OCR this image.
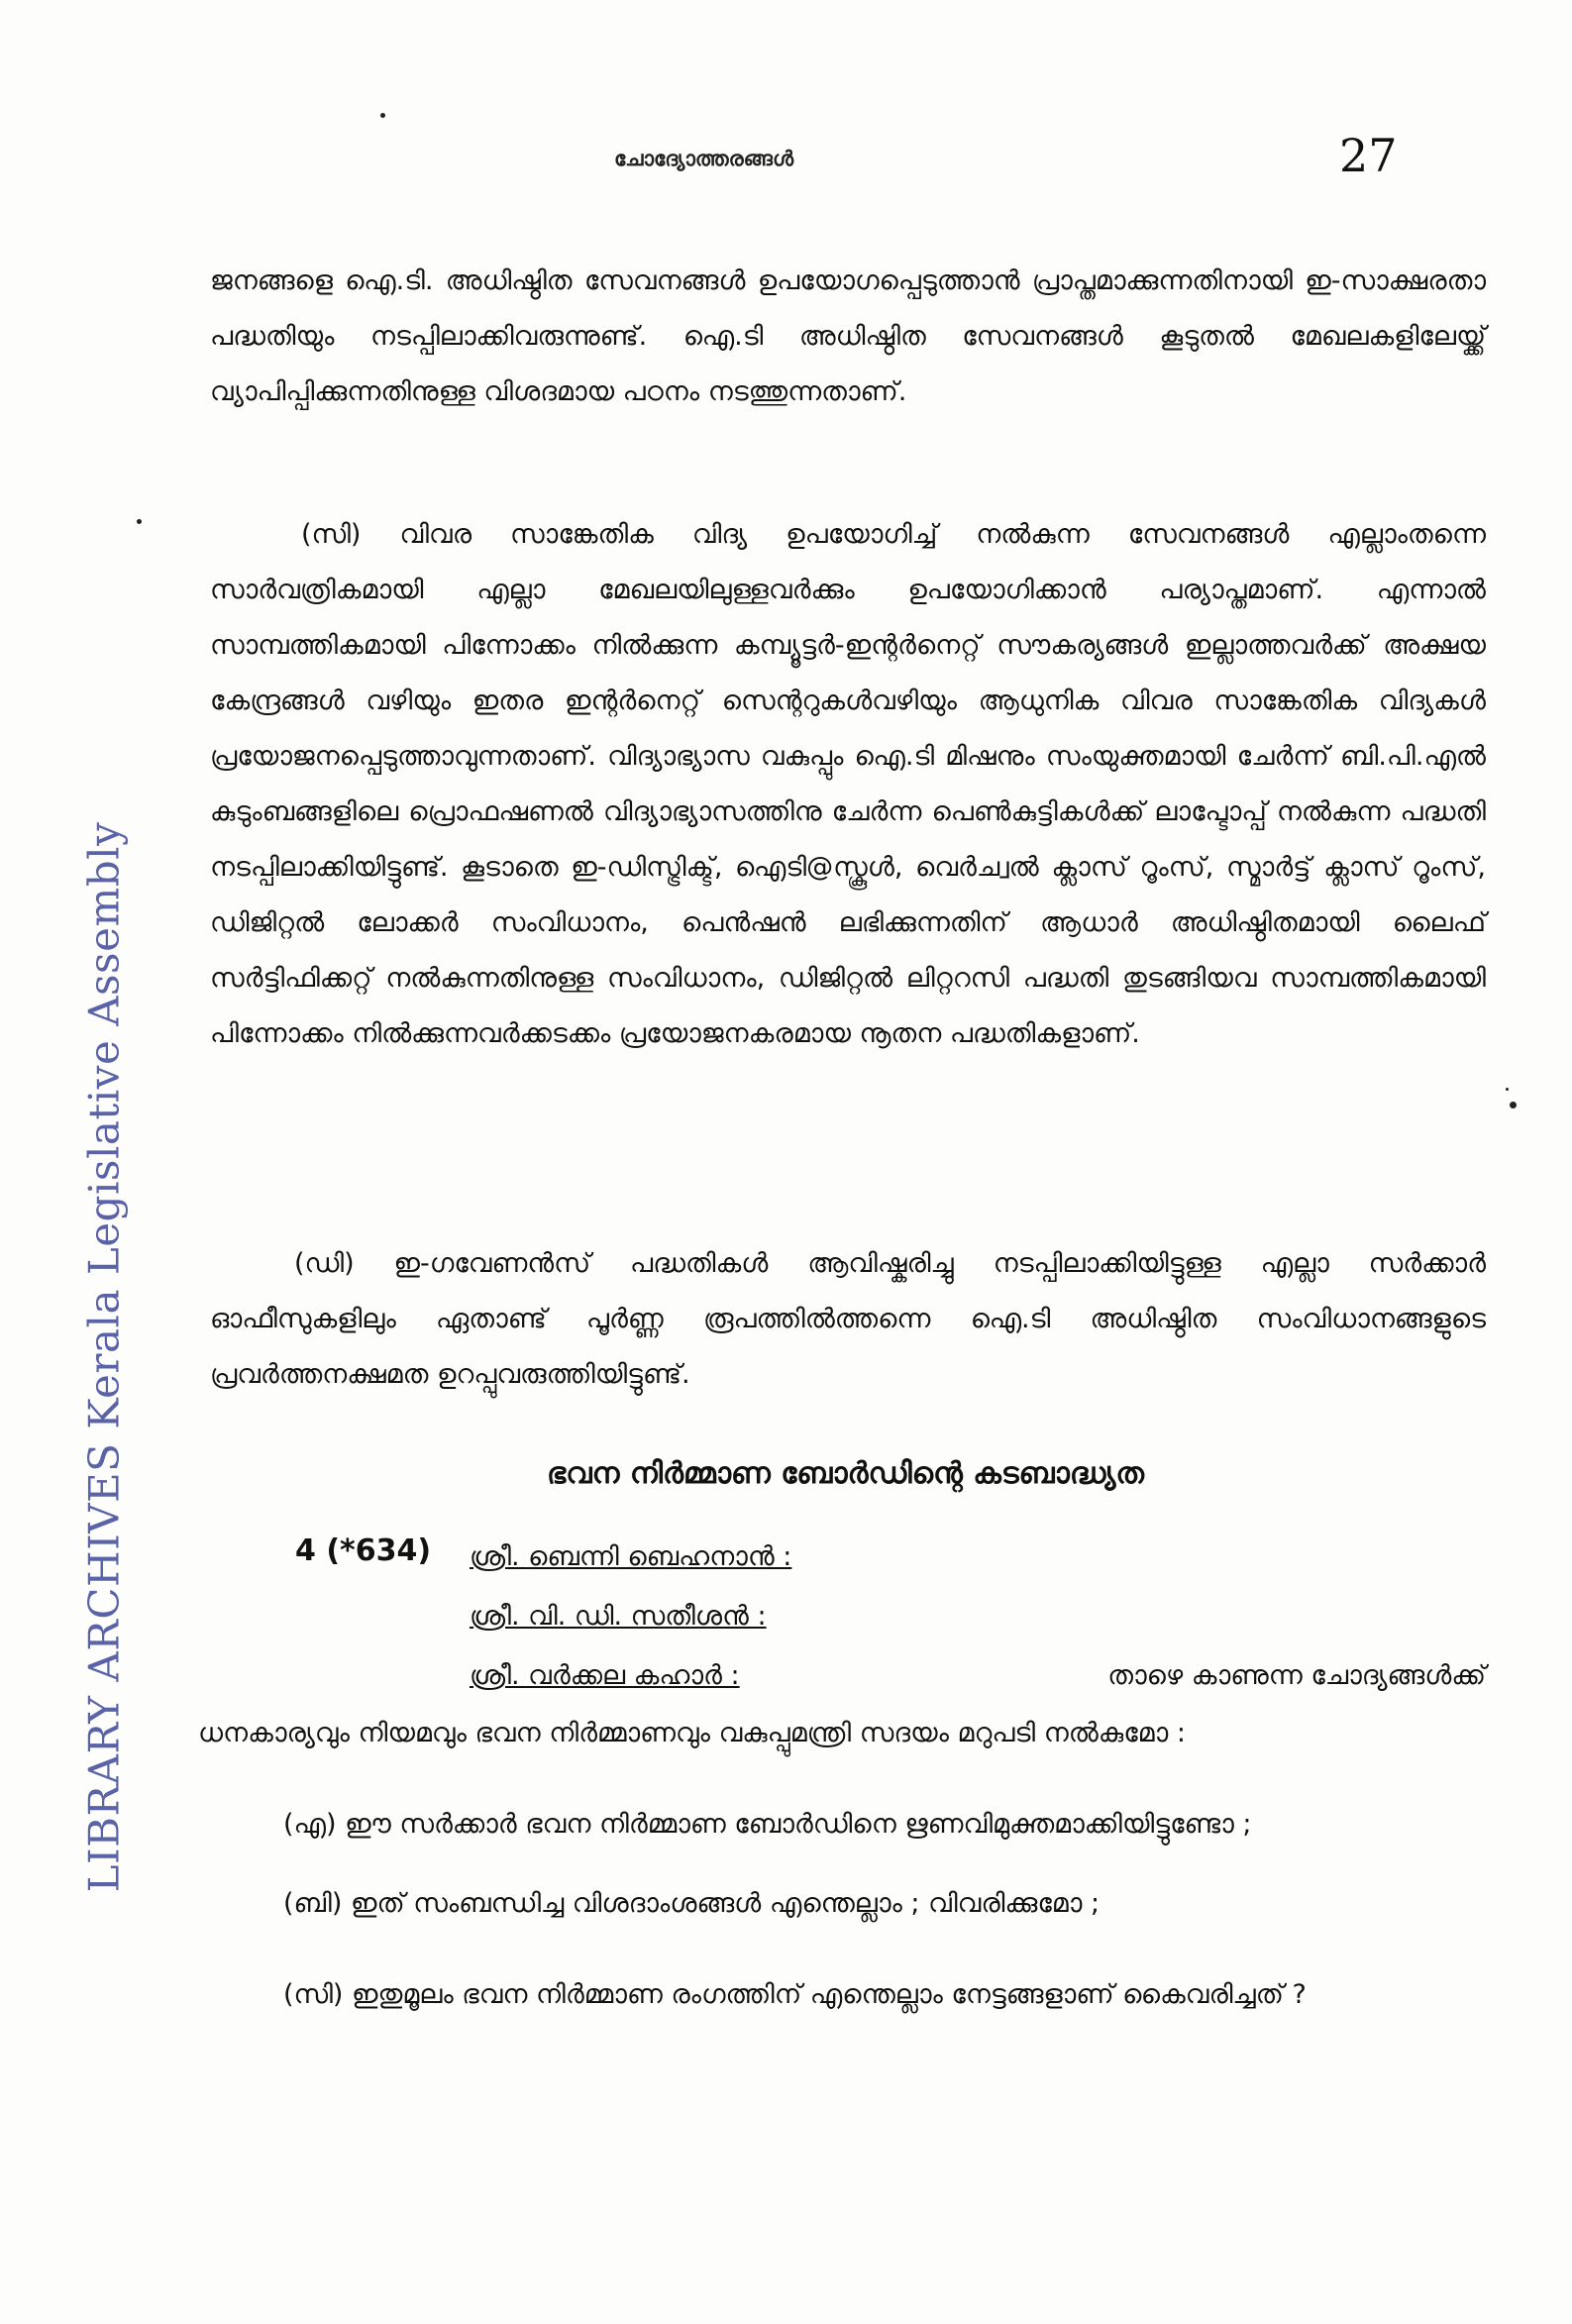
LIBRARY ARCHIVES Kerala Legislative Assembly
ചോദ്യോത്തരങ്ങൾ	27
ജനങ്ങളെ ഐ.ടി. അധിഷ്ഠിത സേവനങ്ങൾ ഉപയോഗപ്പെടുത്താൻ പ്രാപ്തമാക്കുന്നതിനായി ഇ-സാക്ഷരതാ പദ്ധതിയും നടപ്പിലാക്കിവരുന്നുണ്ട്. ഐ.ടി അധിഷ്ഠിത സേവനങ്ങൾ കൂടുതൽ മേഖലകളിലേയ്ക്ക് വ്യാപിപ്പിക്കുന്നതിനുള്ള വിശദമായ പഠനം നടത്തുന്നതാണ്.
(സി) വിവര സാങ്കേതിക വിദ്യ ഉപയോഗിച്ച് നൽകുന്ന സേവനങ്ങൾ എല്ലാംതന്നെ സാർവത്രികമായി എല്ലാ മേഖലയിലുള്ളവർക്കും ഉപയോഗിക്കാൻ പര്യാപ്തമാണ്. എന്നാൽ സാമ്പത്തികമായി പിന്നോക്കം നിൽക്കുന്ന കമ്പ്യൂട്ടർ-ഇന്റർനെറ്റ് സൗകര്യങ്ങൾ ഇല്ലാത്തവർക്ക് അക്ഷയ കേന്ദ്രങ്ങൾ വഴിയും ഇതര ഇന്റർനെറ്റ് സെന്ററുകൾവഴിയും ആധുനിക വിവര സാങ്കേതിക വിദ്യകൾ പ്രയോജനപ്പെടുത്താവുന്നതാണ്. വിദ്യാഭ്യാസ വകുപ്പും ഐ.ടി മിഷനും സംയുക്തമായി ചേർന്ന് ബി.പി.എൽ കുടുംബങ്ങളിലെ പ്രൊഫഷണൽ വിദ്യാഭ്യാസത്തിനു ചേർന്ന പെൺകുട്ടികൾക്ക് ലാപ്ടോപ്പ് നൽകുന്ന പദ്ധതി നടപ്പിലാക്കിയിട്ടുണ്ട്. കൂടാതെ ഇ-ഡിസ്ട്രിക്ട്, ഐടി@സ്കൂൾ, വെർച്വൽ ക്ലാസ് റൂംസ്, സ്മാർട്ട് ക്ലാസ് റൂംസ്, ഡിജിറ്റൽ ലോക്കർ സംവിധാനം, പെൻഷൻ ലഭിക്കുന്നതിന് ആധാർ അധിഷ്ഠിതമായി ലൈഫ് സർട്ടിഫിക്കറ്റ് നൽകുന്നതിനുള്ള സംവിധാനം, ഡിജിറ്റൽ ലിറ്ററസി പദ്ധതി തുടങ്ങിയവ സാമ്പത്തികമായി പിന്നോക്കം നിൽക്കുന്നവർക്കടക്കം പ്രയോജനകരമായ നൂതന പദ്ധതികളാണ്.
(ഡി) ഇ-ഗവേണൻസ് പദ്ധതികൾ ആവിഷ്കരിച്ചു നടപ്പിലാക്കിയിട്ടുള്ള എല്ലാ സർക്കാർ ഓഫീസുകളിലും ഏതാണ്ട് പൂർണ്ണ രൂപത്തിൽത്തന്നെ ഐ.ടി അധിഷ്ഠിത സംവിധാനങ്ങളുടെ പ്രവർത്തനക്ഷമത ഉറപ്പുവരുത്തിയിട്ടുണ്ട്.
ഭവന നിർമ്മാണ ബോർഡിന്റെ കടബാദ്ധ്യത
4 (*634) ശ്രീ. ബെന്നി ബെഹനാൻ :
ശ്രീ. വി. ഡി. സതീശൻ :
ശ്രീ. വർക്കല കഹാർ :	താഴെ കാണുന്ന ചോദ്യങ്ങൾക്ക്
ധനകാര്യവും നിയമവും ഭവന നിർമ്മാണവും വകുപ്പുമന്ത്രി സദയം മറുപടി നൽകുമോ :
(എ) ഈ സർക്കാർ ഭവന നിർമ്മാണ ബോർഡിനെ ഋണവിമുക്തമാക്കിയിട്ടുണ്ടോ ;
(ബി) ഇത് സംബന്ധിച്ച വിശദാംശങ്ങൾ എന്തെല്ലാം ; വിവരിക്കുമോ ;
(സി) ഇതുമൂലം ഭവന നിർമ്മാണ രംഗത്തിന് എന്തെല്ലാം നേട്ടങ്ങളാണ് കൈവരിച്ചത് ?
